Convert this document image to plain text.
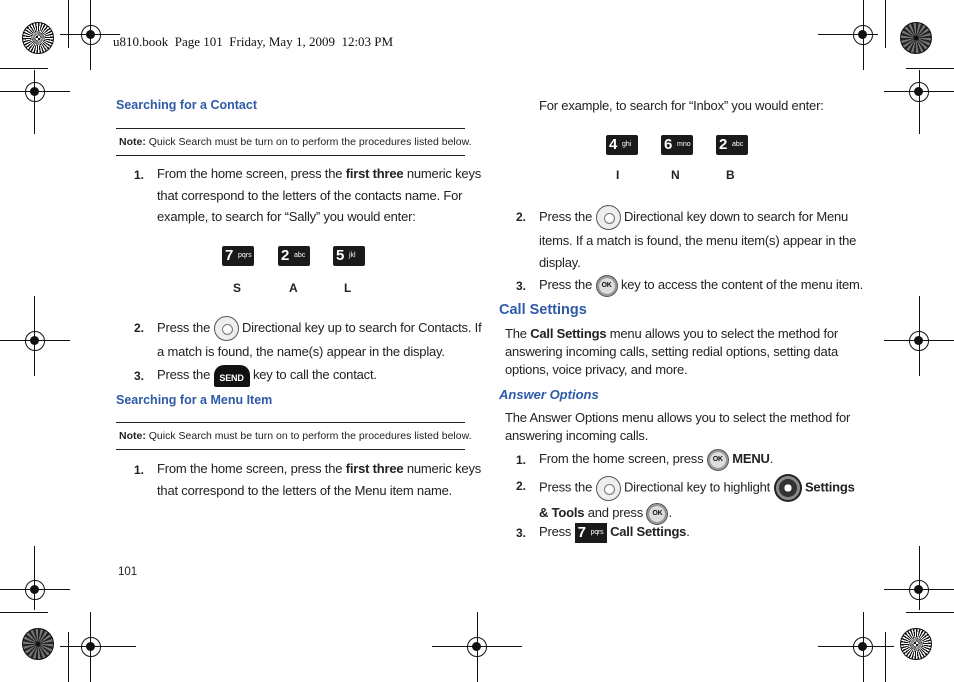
u810.book  Page 101  Friday, May 1, 2009  12:03 PM
Searching for a Contact
Note: Quick Search must be turn on to perform the procedures listed below.
1. From the home screen, press the first three numeric keys
that correspond to the letters of the contacts name. For
example, to search for “Sally” you would enter:
7 pqrs 2 abc 5 jkl
S	A	L
2. Press the  Directional key up to search for Contacts. If
a match is found, the name(s) appear in the display.
3. Press the SEND key to call the contact.
Searching for a Menu Item
Note: Quick Search must be turn on to perform the procedures listed below.
1. From the home screen, press the first three numeric keys
that correspond to the letters of the Menu item name.
101
For example, to search for “Inbox” you would enter:
4 ghi 6 mno 2 abc
I	N	B
2. Press the  Directional key down to search for Menu
items. If a match is found, the menu item(s) appear in the
display.
3. Press the OK key to access the content of the menu item.
Call Settings
The Call Settings menu allows you to select the method for
answering incoming calls, setting redial options, setting data
options, voice privacy, and more.
Answer Options
The Answer Options menu allows you to select the method for
answering incoming calls.
1. From the home screen, press OK MENU.
2. Press the  Directional key to highlight  Settings
& Tools and press OK .
3. Press 7 pqrs Call Settings.
